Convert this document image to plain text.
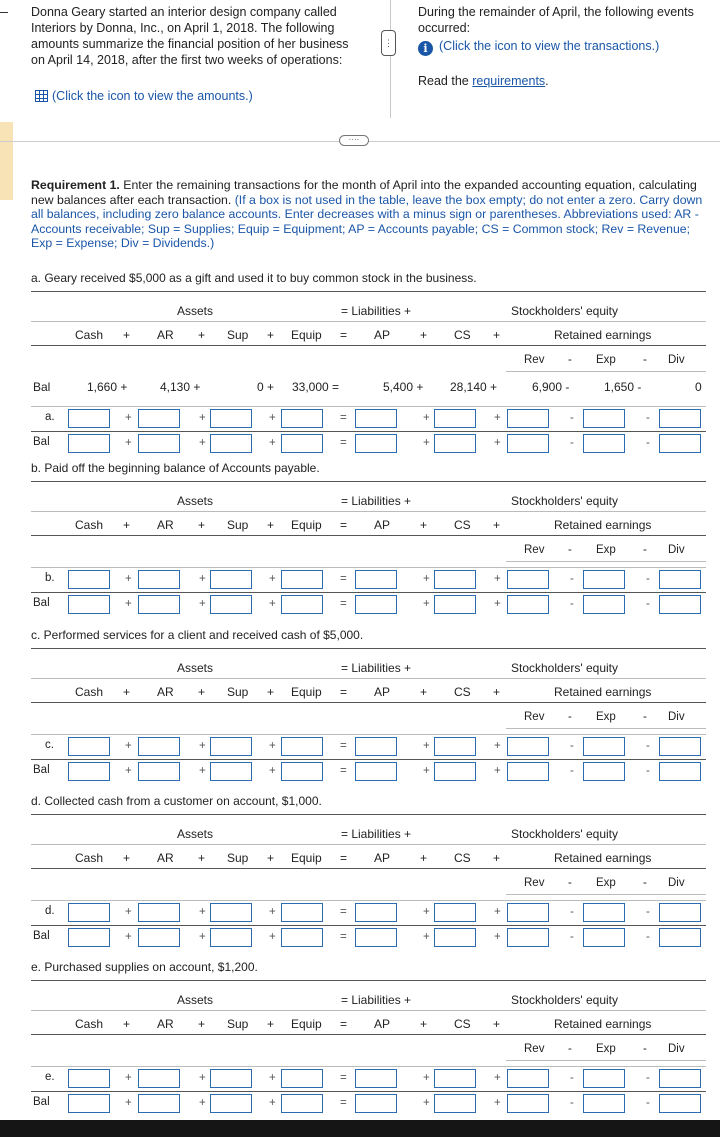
Donna Geary started an interior design company called Interiors by Donna, Inc., on April 1, 2018. The following amounts summarize the financial position of her business on April 14, 2018, after the first two weeks of operations:
(Click the icon to view the amounts.)
⋮
During the remainder of April, the following events occurred:
i (Click the icon to view the transactions.)
Read the requirements.
····
Requirement 1. Enter the remaining transactions for the month of April into the expanded accounting equation, calculating new balances after each transaction. (If a box is not used in the table, leave the box empty; do not enter a zero. Carry down all balances, including zero balance accounts. Enter decreases with a minus sign or parentheses. Abbreviations used: AR - Accounts receivable; Sup = Supplies; Equip = Equipment; AP = Accounts payable; CS = Common stock; Rev = Revenue; Exp = Expense; Div = Dividends.)
a. Geary received $5,000 as a gift and used it to buy common stock in the business.
Assets	= Liabilities +	Stockholders' equity
Cash + AR + Sup + Equip = AP + CS +	Retained earnings
Rev - Exp - Div
Bal	1,660 +	4,130 +	0 + 33,000 =	5,400 + 28,140 +	6,900 -	1,650 -	0
a.	+	+	+	=	+	+	-	-
Bal	+	+	+	=	+	+	-	-
b. Paid off the beginning balance of Accounts payable.
Assets	= Liabilities +	Stockholders' equity
Cash + AR + Sup + Equip = AP + CS +	Retained earnings
Rev - Exp - Div
b.	+	+	+	=	+	+	-	-
Bal	+	+	+	=	+	+	-	-
c. Performed services for a client and received cash of $5,000.
Assets	= Liabilities +	Stockholders' equity
Cash + AR + Sup + Equip = AP + CS +	Retained earnings
Rev - Exp - Div
c.	+	+	+	=	+	+	-	-
Bal	+	+	+	=	+	+	-	-
d. Collected cash from a customer on account, $1,000.
Assets	= Liabilities +	Stockholders' equity
Cash + AR + Sup + Equip = AP + CS +	Retained earnings
Rev - Exp - Div
d.	+	+	+	=	+	+	-	-
Bal	+	+	+	=	+	+	-	-
e. Purchased supplies on account, $1,200.
Assets	= Liabilities +	Stockholders' equity
Cash + AR + Sup + Equip = AP + CS +	Retained earnings
Rev - Exp - Div
e.	+	+	+	=	+	+	-	-
Bal	+	+	+	=	+	+	-	-
